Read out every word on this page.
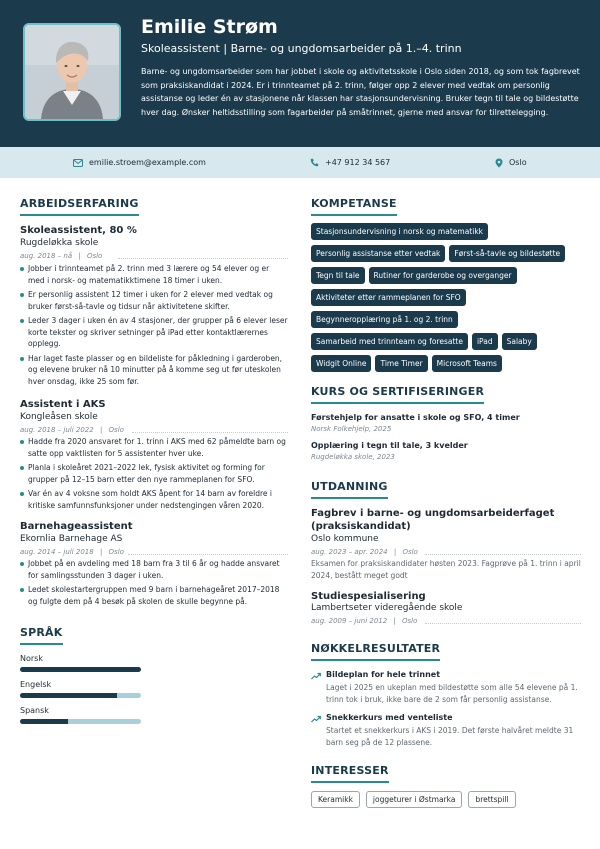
Emilie Strøm
Skoleassistent | Barne- og ungdomsarbeider på 1.–4. trinn
Barne- og ungdomsarbeider som har jobbet i skole og aktivitetsskole i Oslo siden 2018, og som tok fagbrevet som praksiskandidat i 2024. Er i trinnteamet på 2. trinn, følger opp 2 elever med vedtak om personlig assistanse og leder én av stasjonene når klassen har stasjonsundervisning. Bruker tegn til tale og bildestøtte hver dag. Ønsker heltidsstilling som fagarbeider på småtrinnet, gjerne med ansvar for tilrettelegging.
emilie.stroem@example.com	+47 912 34 567	Oslo
ARBEIDSERFARING
Skoleassistent, 80 %
Rugdeløkka skole
aug. 2018 – nå | Oslo
Jobber i trinnteamet på 2. trinn med 3 lærere og 54 elever og er med i norsk- og matematikktimene 18 timer i uken.
Er personlig assistent 12 timer i uken for 2 elever med vedtak og bruker først-så-tavle og tidsur når aktivitetene skifter.
Leder 3 dager i uken én av 4 stasjoner, der grupper på 6 elever leser korte tekster og skriver setninger på iPad etter kontaktlærernes opplegg.
Har laget faste plasser og en bildeliste for påkledning i garderoben, og elevene bruker nå 10 minutter på å komme seg ut før uteskolen hver onsdag, ikke 25 som før.
Assistent i AKS
Kongleåsen skole
aug. 2018 – juli 2022 | Oslo
Hadde fra 2020 ansvaret for 1. trinn i AKS med 62 påmeldte barn og satte opp vaktlisten for 5 assistenter hver uke.
Planla i skoleåret 2021–2022 lek, fysisk aktivitet og forming for grupper på 12–15 barn etter den nye rammeplanen for SFO.
Var én av 4 voksne som holdt AKS åpent for 14 barn av foreldre i kritiske samfunnsfunksjoner under nedstengingen våren 2020.
Barnehageassistent
Ekornlia Barnehage AS
aug. 2014 – juli 2018 | Oslo
Jobbet på en avdeling med 18 barn fra 3 til 6 år og hadde ansvaret for samlingsstunden 3 dager i uken.
Ledet skolestartergruppen med 9 barn i barnehageåret 2017–2018 og fulgte dem på 4 besøk på skolen de skulle begynne på.
SPRÅK
Norsk
Engelsk
Spansk
KOMPETANSE
Stasjonsundervisning i norsk og matematikk
Personlig assistanse etter vedtak	Først-så-tavle og bildestøtte
Tegn til tale	Rutiner for garderobe og overganger
Aktiviteter etter rammeplanen for SFO
Begynneropplæring på 1. og 2. trinn
Samarbeid med trinnteam og foresatte	iPad	Salaby
Widgit Online	Time Timer	Microsoft Teams
KURS OG SERTIFISERINGER
Førstehjelp for ansatte i skole og SFO, 4 timer
Norsk Folkehjelp, 2025
Opplæring i tegn til tale, 3 kvelder
Rugdeløkka skole, 2023
UTDANNING
Fagbrev i barne- og ungdomsarbeiderfaget (praksiskandidat)
Oslo kommune
aug. 2023 – apr. 2024 | Oslo
Eksamen for praksiskandidater høsten 2023. Fagprøve på 1. trinn i april 2024, bestått meget godt
Studiespesialisering
Lambertseter videregående skole
aug. 2009 – juni 2012 | Oslo
NØKKELRESULTATER
Bildeplan for hele trinnet
Laget i 2025 en ukeplan med bildestøtte som alle 54 elevene på 1. trinn tok i bruk, ikke bare de 2 som får personlig assistanse.
Snekkerkurs med venteliste
Startet et snekkerkurs i AKS i 2019. Det første halvåret meldte 31 barn seg på de 12 plassene.
INTERESSER
Keramikk	joggeturer i Østmarka	brettspill
